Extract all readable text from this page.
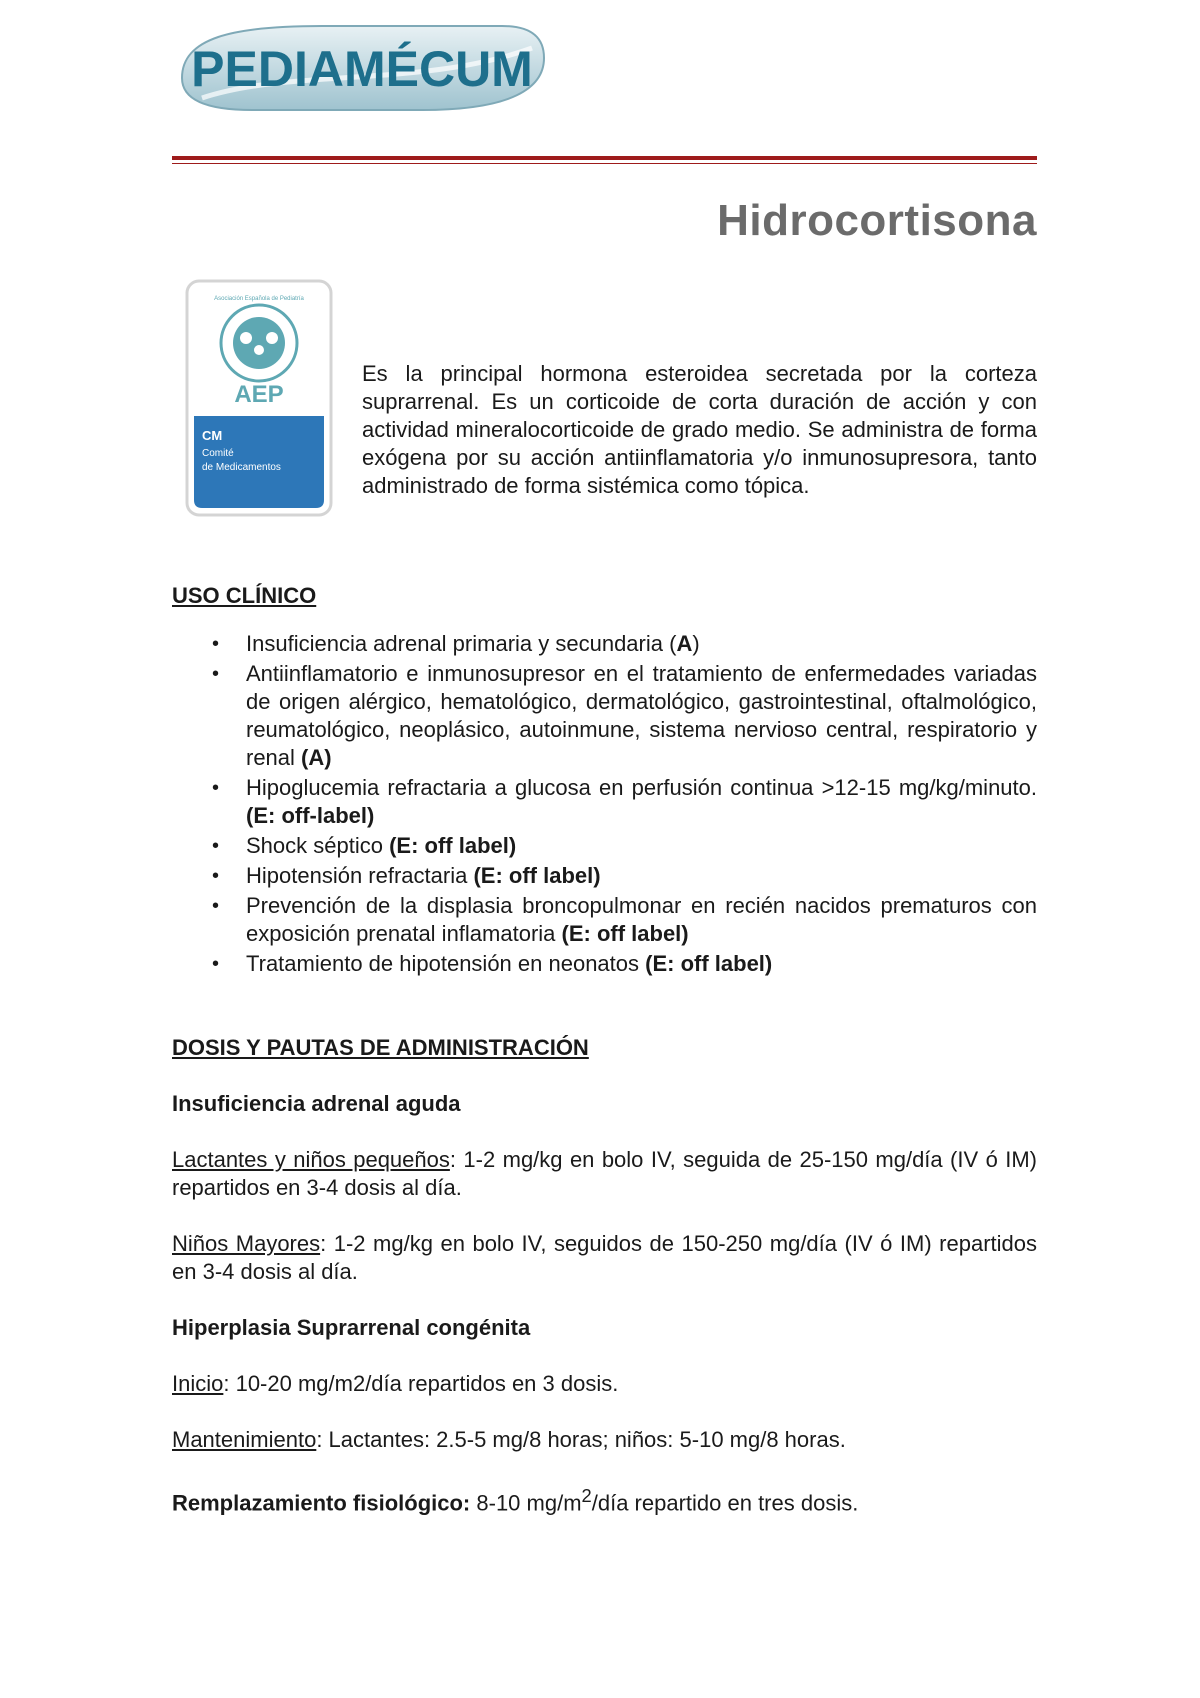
PEDIAMÉCUM
Hidrocortisona
Asociación Española de Pediatría
AEP
CM
Comité
de Medicamentos

Es la principal hormona esteroidea secretada por la corteza suprarrenal. Es un corticoide de corta duración de acción y con actividad mineralocorticoide de grado medio. Se administra de forma exógena por su acción antiinflamatoria y/o inmunosupresora, tanto administrado de forma sistémica como tópica.

USO CLÍNICO

• Insuficiencia adrenal primaria y secundaria (A)
• Antiinflamatorio e inmunosupresor en el tratamiento de enfermedades variadas de origen alérgico, hematológico, dermatológico, gastrointestinal, oftalmológico, reumatológico, neoplásico, autoinmune, sistema nervioso central, respiratorio y renal (A)
• Hipoglucemia refractaria a glucosa en perfusión continua >12-15 mg/kg/minuto. (E: off-label)
• Shock séptico (E: off label)
• Hipotensión refractaria (E: off label)
• Prevención de la displasia broncopulmonar en recién nacidos prematuros con exposición prenatal inflamatoria (E: off label)
• Tratamiento de hipotensión en neonatos (E: off label)

DOSIS Y PAUTAS DE ADMINISTRACIÓN

Insuficiencia adrenal aguda

Lactantes y niños pequeños: 1-2 mg/kg en bolo IV, seguida de 25-150 mg/día (IV ó IM) repartidos en 3-4 dosis al día.

Niños Mayores: 1-2 mg/kg en bolo IV, seguidos de 150-250 mg/día (IV ó IM) repartidos en 3-4 dosis al día.

Hiperplasia Suprarrenal congénita

Inicio: 10-20 mg/m2/día repartidos en 3 dosis.

Mantenimiento: Lactantes: 2.5-5 mg/8 horas; niños: 5-10 mg/8 horas.

Remplazamiento fisiológico: 8-10 $mg/m^2$/día repartido en tres dosis.
